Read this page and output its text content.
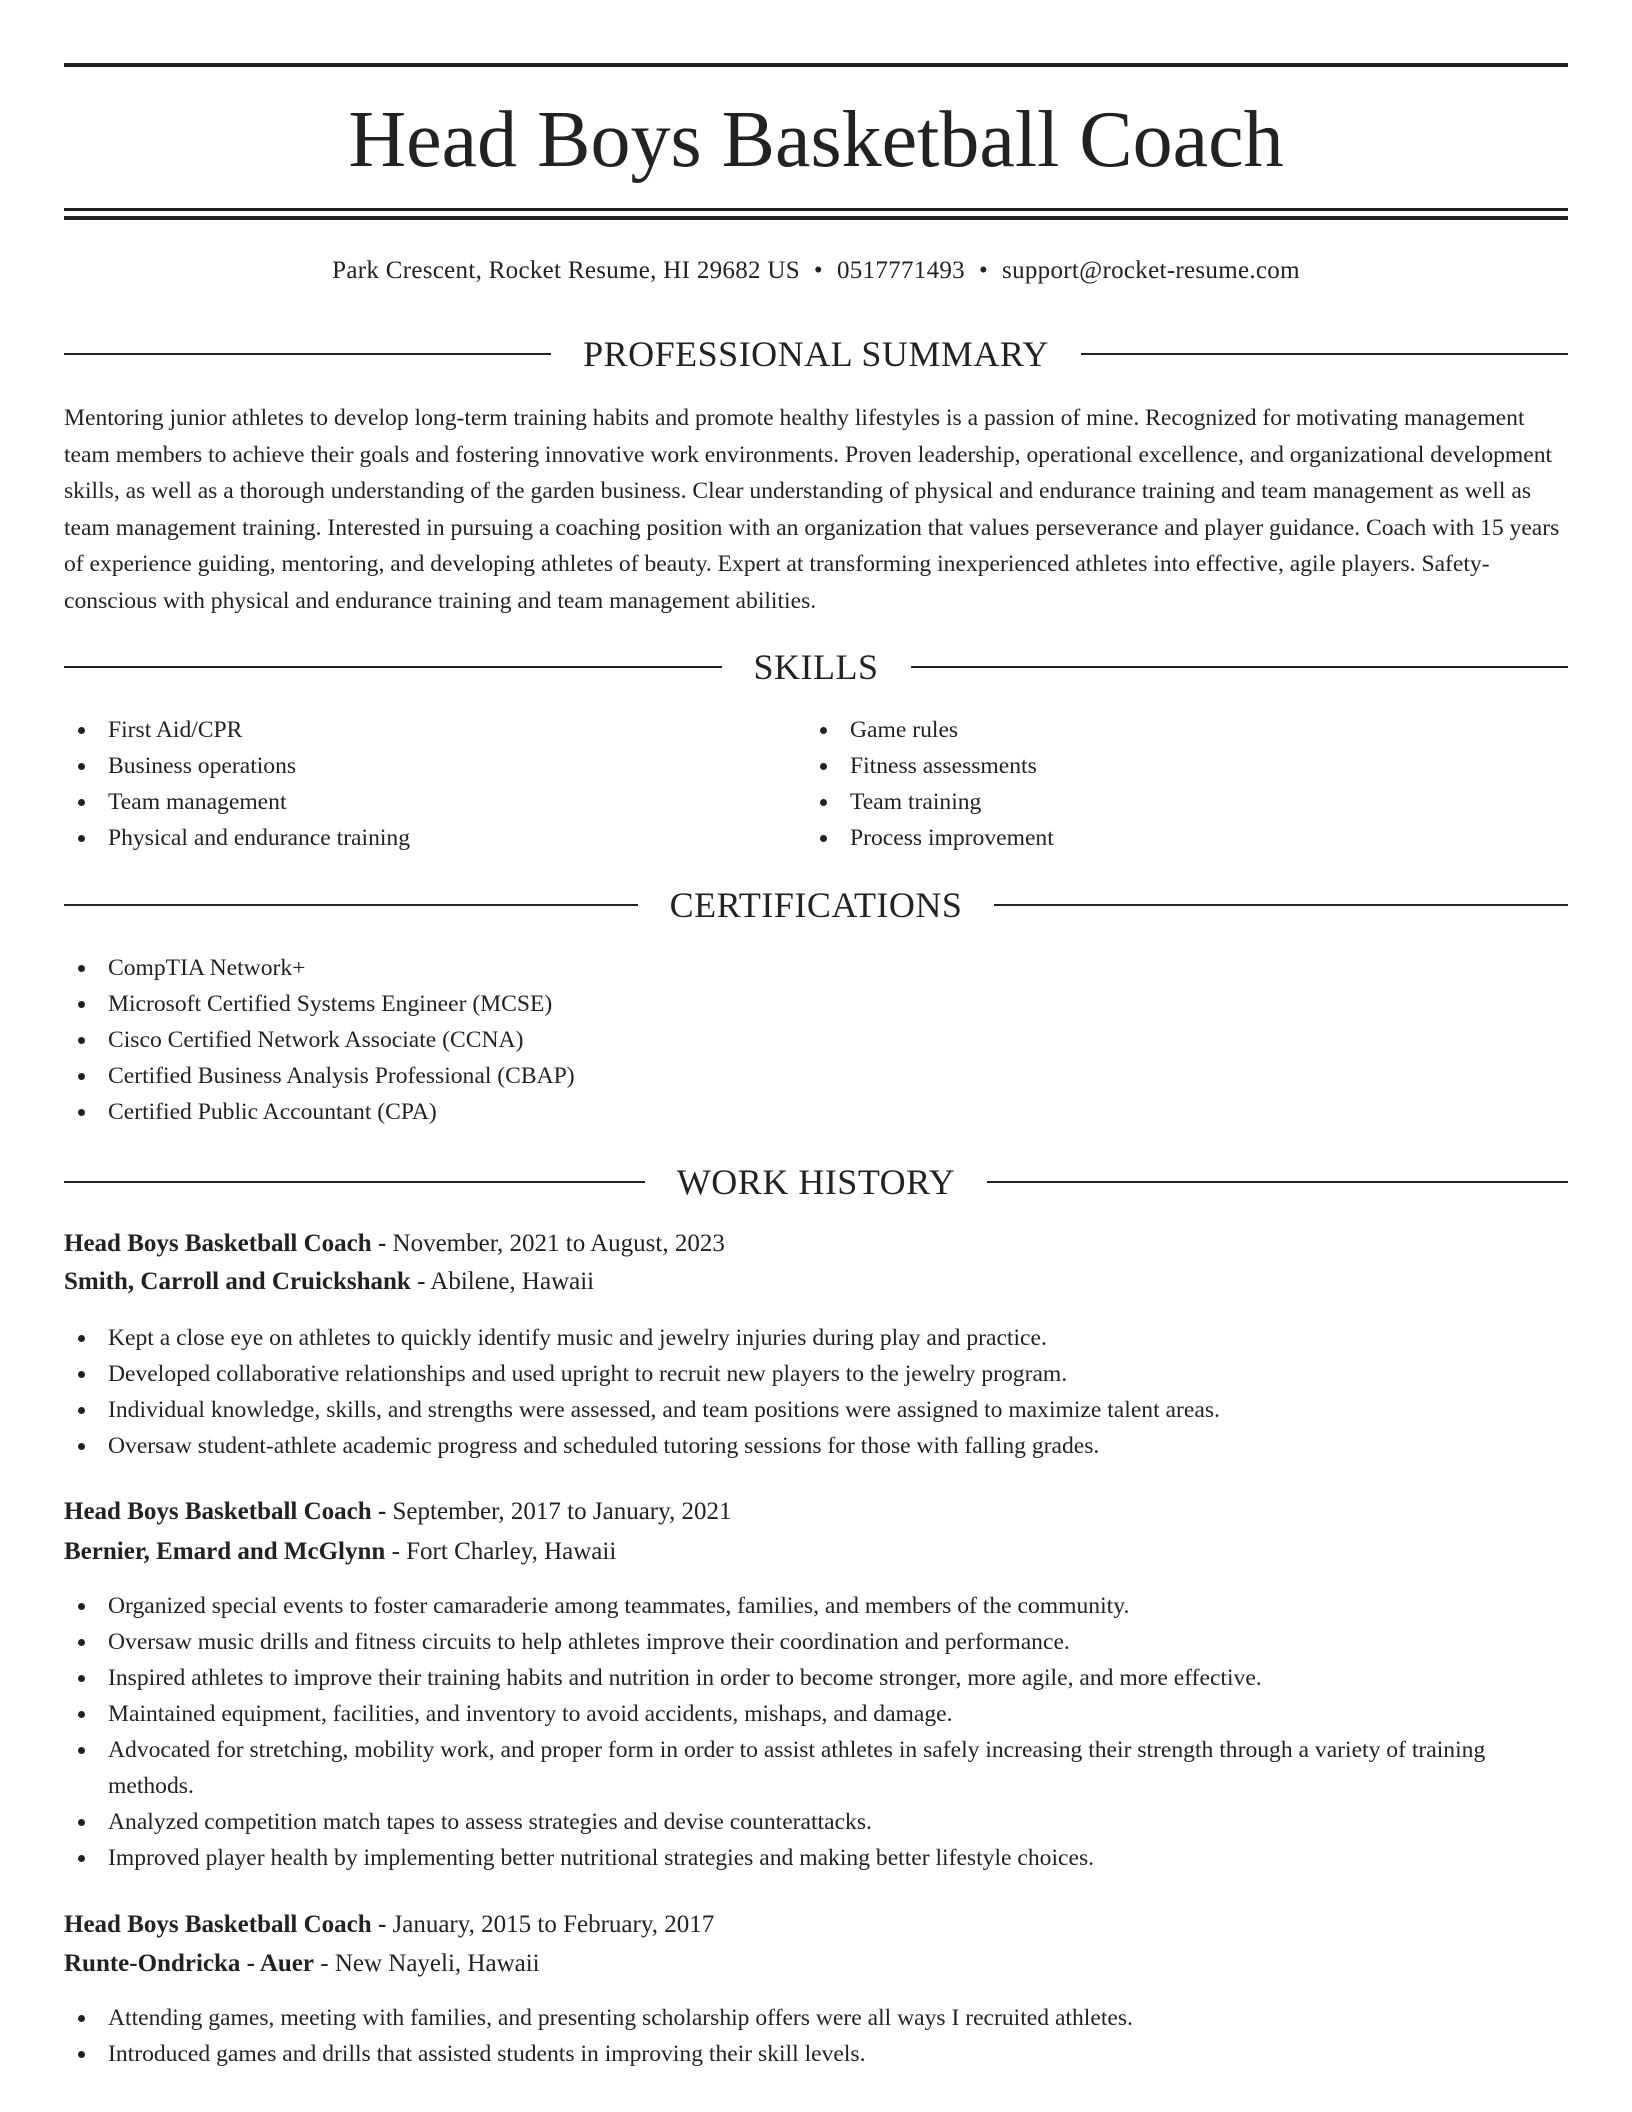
Head Boys Basketball Coach
Park Crescent, Rocket Resume, HI 29682 US • 0517771493 • support@rocket-resume.com
PROFESSIONAL SUMMARY

Mentoring junior athletes to develop long-term training habits and promote healthy lifestyles is a passion of mine. Recognized for motivating management team members to achieve their goals and fostering innovative work environments. Proven leadership, operational excellence, and organizational development skills, as well as a thorough understanding of the garden business. Clear understanding of physical and endurance training and team management as well as team management training. Interested in pursuing a coaching position with an organization that values perseverance and player guidance. Coach with 15 years of experience guiding, mentoring, and developing athletes of beauty. Expert at transforming inexperienced athletes into effective, agile players. Safety-conscious with physical and endurance training and team management abilities.

SKILLS
First Aid/CPR
Business operations
Team management
Physical and endurance training
Game rules
Fitness assessments
Team training
Process improvement
CERTIFICATIONS
CompTIA Network+
Microsoft Certified Systems Engineer (MCSE)
Cisco Certified Network Associate (CCNA)
Certified Business Analysis Professional (CBAP)
Certified Public Accountant (CPA)
WORK HISTORY
Head Boys Basketball Coach - November, 2021 to August, 2023
Smith, Carroll and Cruickshank - Abilene, Hawaii
Kept a close eye on athletes to quickly identify music and jewelry injuries during play and practice.
Developed collaborative relationships and used upright to recruit new players to the jewelry program.
Individual knowledge, skills, and strengths were assessed, and team positions were assigned to maximize talent areas.
Oversaw student-athlete academic progress and scheduled tutoring sessions for those with falling grades.
Head Boys Basketball Coach - September, 2017 to January, 2021
Bernier, Emard and McGlynn - Fort Charley, Hawaii
Organized special events to foster camaraderie among teammates, families, and members of the community.
Oversaw music drills and fitness circuits to help athletes improve their coordination and performance.
Inspired athletes to improve their training habits and nutrition in order to become stronger, more agile, and more effective.
Maintained equipment, facilities, and inventory to avoid accidents, mishaps, and damage.
Advocated for stretching, mobility work, and proper form in order to assist athletes in safely increasing their strength through a variety of training methods.
Analyzed competition match tapes to assess strategies and devise counterattacks.
Improved player health by implementing better nutritional strategies and making better lifestyle choices.
Head Boys Basketball Coach - January, 2015 to February, 2017
Runte-Ondricka - Auer - New Nayeli, Hawaii
Attending games, meeting with families, and presenting scholarship offers were all ways I recruited athletes.
Introduced games and drills that assisted students in improving their skill levels.
